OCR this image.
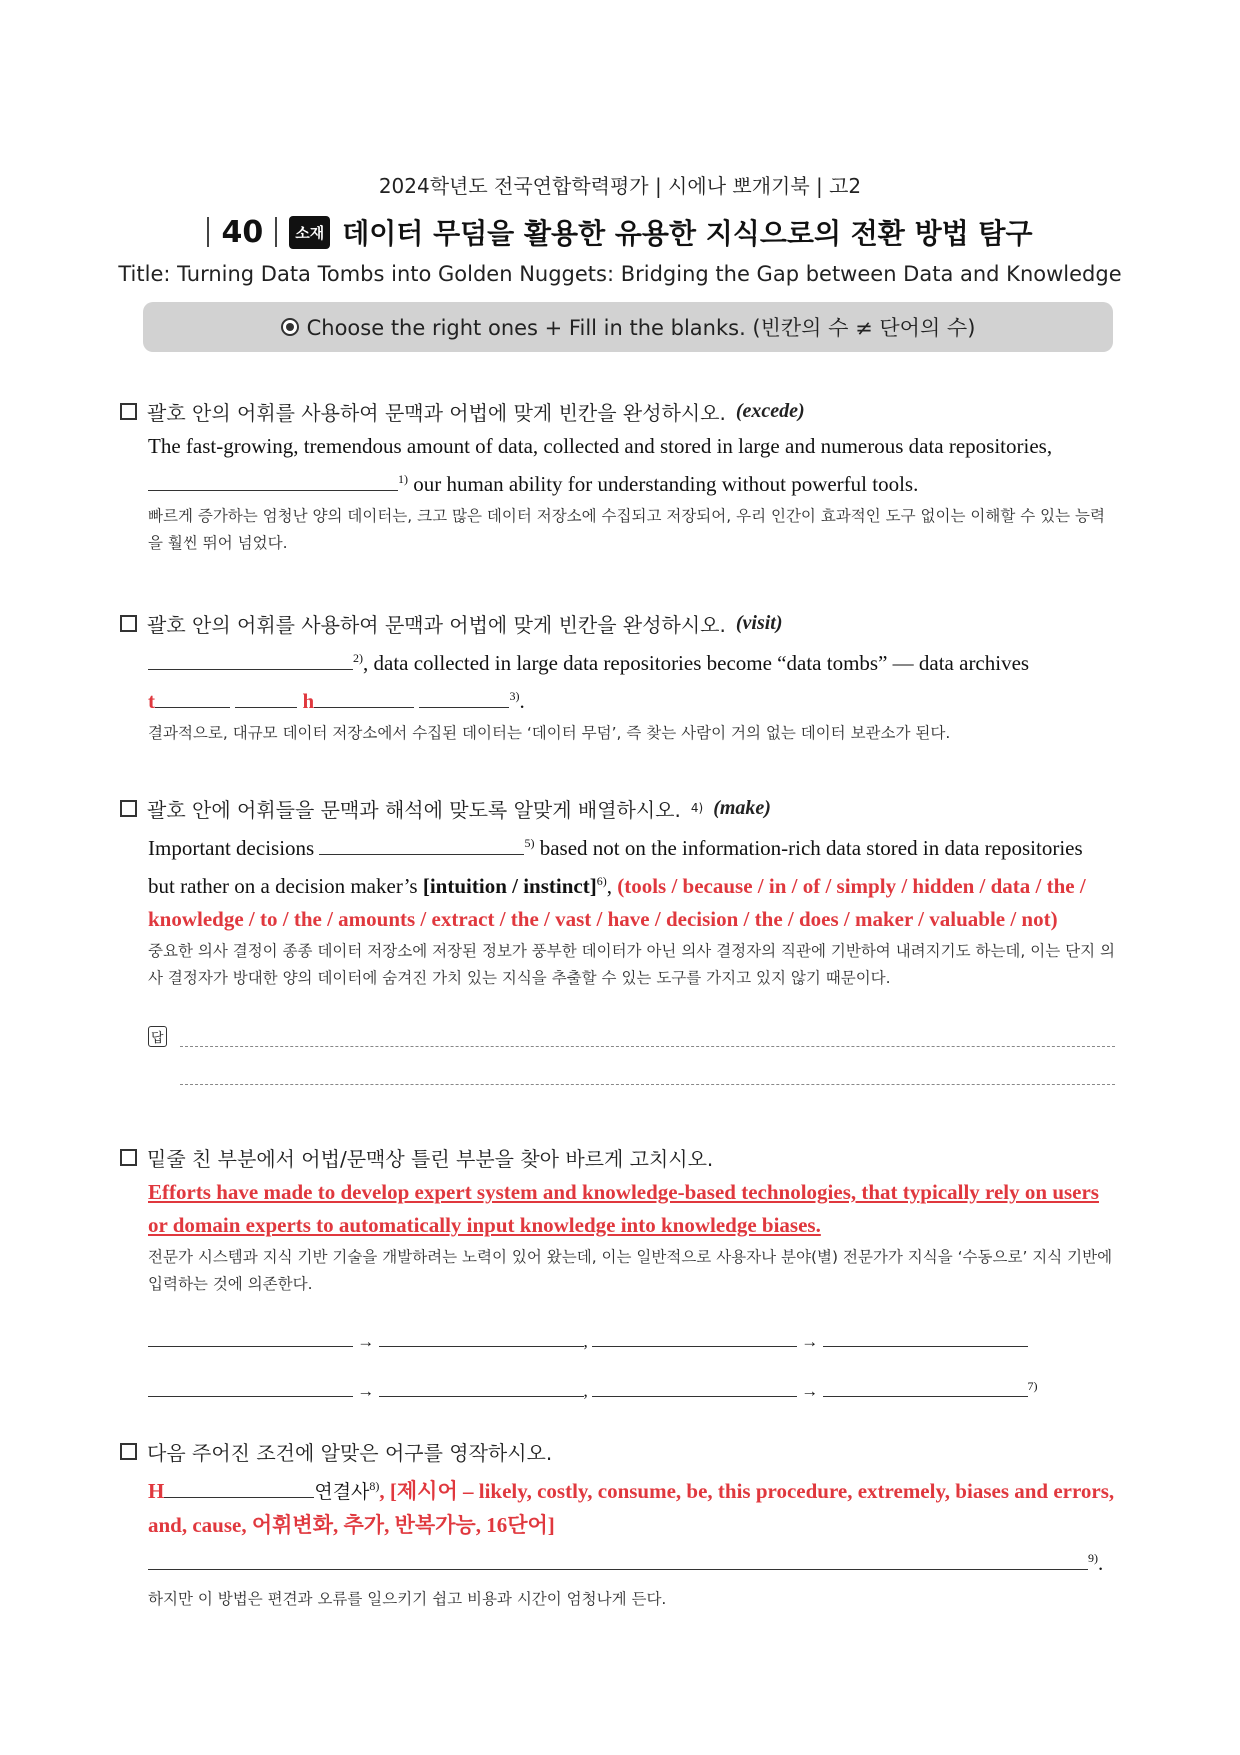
2024학년도 전국연합학력평가 | 시에나 뽀개기북 | 고2
40	소재 데이터 무덤을 활용한 유용한 지식으로의 전환 방법 탐구
Title: Turning Data Tombs into Golden Nuggets: Bridging the Gap between Data and Knowledge
Choose the right ones + Fill in the blanks. (빈칸의 수 ≠ 단어의 수)
괄호 안의 어휘를 사용하여 문맥과 어법에 맞게 빈칸을 완성하시오. (excede)
The fast-growing, tremendous amount of data, collected and stored in large and numerous data repositories,
$^{1)}$ our human ability for understanding without powerful tools.
빠르게 증가하는 엄청난 양의 데이터는, 크고 많은 데이터 저장소에 수집되고 저장되어, 우리 인간이 효과적인 도구 없이는 이해할 수 있는 능력을 훨씬 뛰어 넘었다.
괄호 안의 어휘를 사용하여 문맥과 어법에 맞게 빈칸을 완성하시오. (visit)
$^{2)}$, data collected in large data repositories become “data tombs” — data archives
t	h	$^{3)}$.
결과적으로, 대규모 데이터 저장소에서 수집된 데이터는 ‘데이터 무덤’, 즉 찾는 사람이 거의 없는 데이터 보관소가 된다.
괄호 안에 어휘들을 문맥과 해석에 맞도록 알맞게 배열하시오. 4) (make)
Important decisions	$^{5)}$ based not on the information-rich data stored in data repositories
but rather on a decision maker’s [intuition / instinct]$^{6)}$, (tools / because / in / of / simply / hidden / data / the /
knowledge / to / the / amounts / extract / the / vast / have / decision / the / does / maker / valuable / not)
중요한 의사 결정이 종종 데이터 저장소에 저장된 정보가 풍부한 데이터가 아닌 의사 결정자의 직관에 기반하여 내려지기도 하는데, 이는 단지 의사 결정자가 방대한 양의 데이터에 숨겨진 가치 있는 지식을 추출할 수 있는 도구를 가지고 있지 않기 때문이다.
답
밑줄 친 부분에서 어법/문맥상 틀린 부분을 찾아 바르게 고치시오.
Efforts have made to develop expert system and knowledge-based technologies, that typically rely on users
or domain experts to automatically input knowledge into knowledge biases.
전문가 시스템과 지식 기반 기술을 개발하려는 노력이 있어 왔는데, 이는 일반적으로 사용자나 분야(별) 전문가가 지식을 ‘수동으로’ 지식 기반에 입력하는 것에 의존한다.
→	,	→
→	,	→	$^{7)}$
다음 주어진 조건에 알맞은 어구를 영작하시오.
H	연결사$^{8)}$, [제시어 – likely, costly, consume, be, this procedure, extremely, biases and errors,
and, cause, 어휘변화, 추가, 반복가능, 16단어]
$^{9)}$.
하지만 이 방법은 편견과 오류를 일으키기 쉽고 비용과 시간이 엄청나게 든다.
